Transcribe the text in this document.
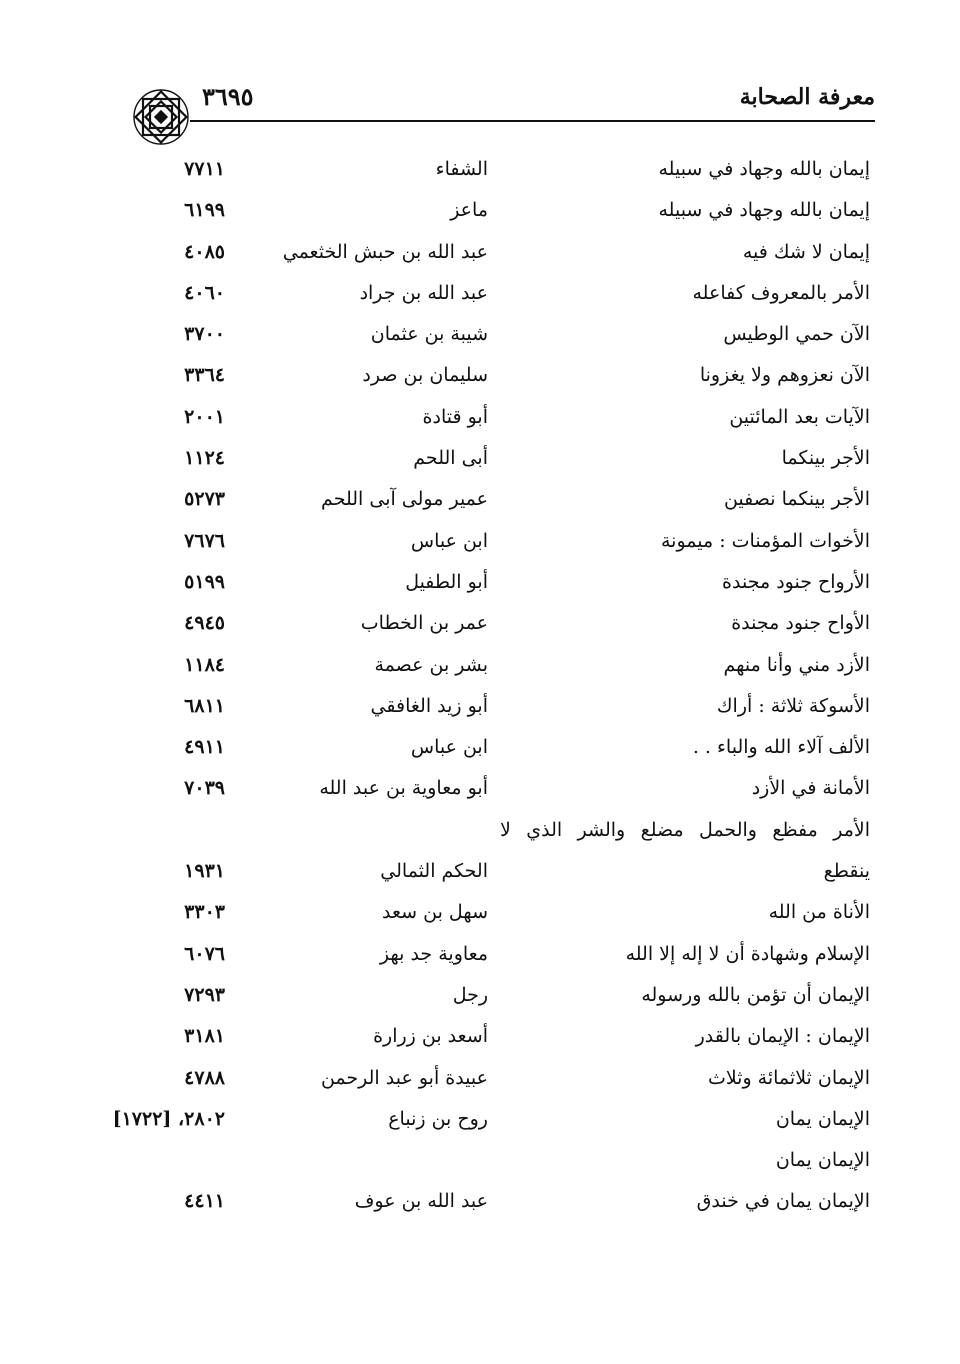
معرفة الصحابة
٣٦٩٥
إيمان بالله وجهاد في سبيله
الشفاء
٧٧١١
إيمان بالله وجهاد في سبيله
ماعز
٦١٩٩
إيمان لا شك فيه
عبد الله بن حبش الخثعمي
٤٠٨٥
الأمر بالمعروف كفاعله
عبد الله بن جراد
٤٠٦٠
الآن حمي الوطيس
شيبة بن عثمان
٣٧٠٠
الآن نعزوهم ولا يغزونا
سليمان بن صرد
٣٣٦٤
الآيات بعد المائتين
أبو قتادة
٢٠٠١
الأجر بينكما
أبى اللحم
١١٢٤
الأجر بينكما نصفين
عمير مولى آبى اللحم
٥٢٧٣
الأخوات المؤمنات : ميمونة
ابن عباس
٧٦٧٦
الأرواح جنود مجندة
أبو الطفيل
٥١٩٩
الأواح جنود مجندة
عمر بن الخطاب
٤٩٤٥
الأزد مني وأنا منهم
بشر بن عصمة
١١٨٤
الأسوكة ثلاثة : أراك
أبو زيد الغافقي
٦٨١١
الألف آلاء الله والباء . .
ابن عباس
٤٩١١
الأمانة في الأزد
أبو معاوية بن عبد الله
٧٠٣٩
الأمر مفظع والحمل مضلع والشر الذي لا
ينقطع
الحكم الثمالي
١٩٣١
الأناة من الله
سهل بن سعد
٣٣٠٣
الإسلام وشهادة أن لا إله إلا الله
معاوية جد بهز
٦٠٧٦
الإيمان أن تؤمن بالله ورسوله
رجل
٧٢٩٣
الإيمان : الإيمان بالقدر
أسعد بن زرارة
٣١٨١
الإيمان ثلاثمائة وثلاث
عبيدة أبو عبد الرحمن
٤٧٨٨
الإيمان يمان
روح بن زنباع
٢٨٠٢، [١٧٢٢]
الإيمان يمان
الإيمان يمان في خندق
عبد الله بن عوف
٤٤١١
